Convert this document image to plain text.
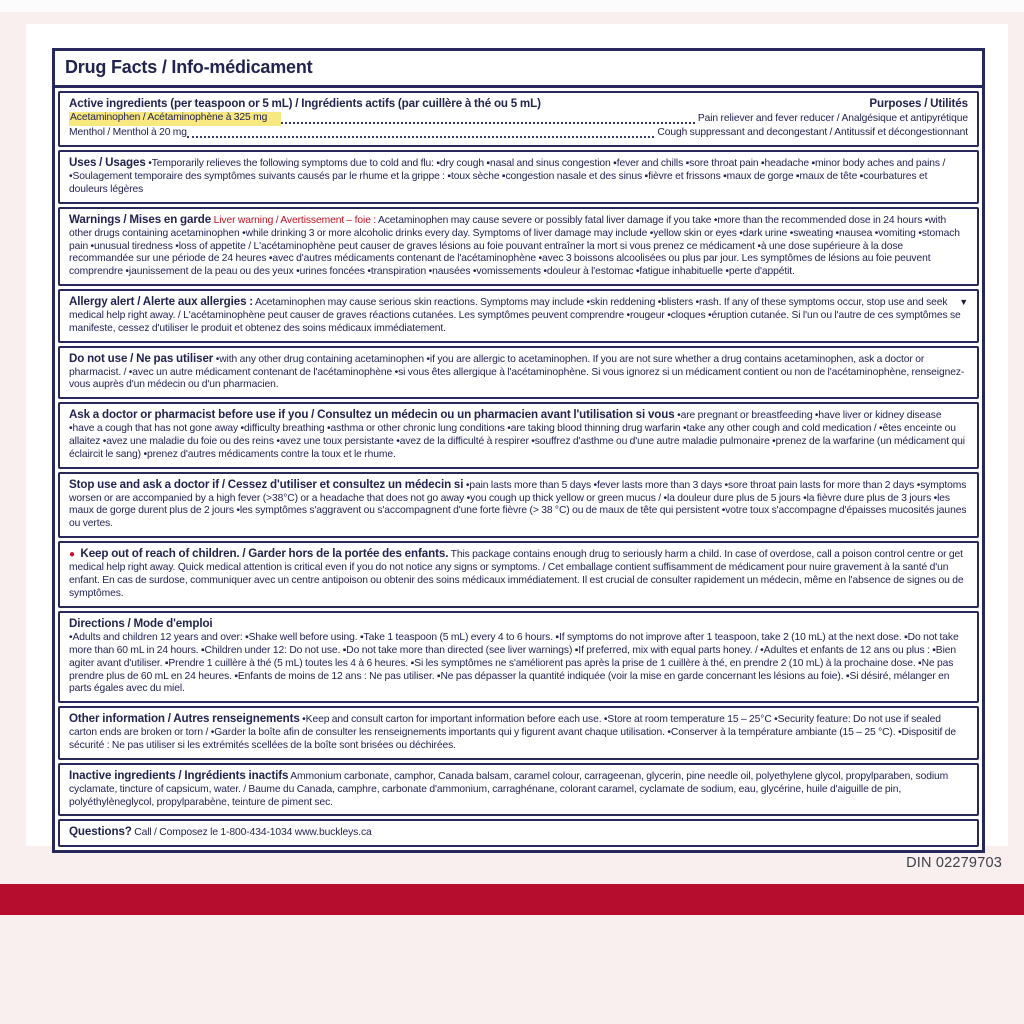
Drug Facts / Info-médicament
Active ingredients (per teaspoon or 5 mL) / Ingrédients actifs (par cuillère à thé ou 5 mL)	Purposes / Utilités
Acetaminophen / Acétaminophène à 325 mg	Pain reliever and fever reducer / Analgésique et antipyrétique
Menthol / Menthol à 20 mg	Cough suppressant and decongestant / Antitussif et décongestionnant
Uses / Usages •Temporarily relieves the following symptoms due to cold and flu: ▪dry cough ▪nasal and sinus congestion ▪fever and chills ▪sore throat pain ▪headache ▪minor body aches and pains / •Soulagement temporaire des symptômes suivants causés par le rhume et la grippe : ▪toux sèche ▪congestion nasale et des sinus ▪fièvre et frissons ▪maux de gorge ▪maux de tête ▪courbatures et douleurs légères
Warnings / Mises en garde Liver warning / Avertissement – foie : Acetaminophen may cause severe or possibly fatal liver damage if you take •more than the recommended dose in 24 hours •with other drugs containing acetaminophen •while drinking 3 or more alcoholic drinks every day. Symptoms of liver damage may include •yellow skin or eyes •dark urine •sweating •nausea •vomiting •stomach pain •unusual tiredness •loss of appetite / L'acétaminophène peut causer de graves lésions au foie pouvant entraîner la mort si vous prenez ce médicament •à une dose supérieure à la dose recommandée sur une période de 24 heures •avec d'autres médicaments contenant de l'acétaminophène •avec 3 boissons alcoolisées ou plus par jour. Les symptômes de lésions au foie peuvent comprendre •jaunissement de la peau ou des yeux •urines foncées •transpiration •nausées •vomissements •douleur à l'estomac •fatigue inhabituelle •perte d'appétit.
▼
Allergy alert / Alerte aux allergies : Acetaminophen may cause serious skin reactions. Symptoms may include •skin reddening •blisters •rash. If any of these symptoms occur, stop use and seek medical help right away. / L'acétaminophène peut causer de graves réactions cutanées. Les symptômes peuvent comprendre •rougeur •cloques •éruption cutanée. Si l'un ou l'autre de ces symptômes se manifeste, cessez d'utiliser le produit et obtenez des soins médicaux immédiatement.
Do not use / Ne pas utiliser •with any other drug containing acetaminophen •if you are allergic to acetaminophen. If you are not sure whether a drug contains acetaminophen, ask a doctor or pharmacist. / •avec un autre médicament contenant de l'acétaminophène •si vous êtes allergique à l'acétaminophène. Si vous ignorez si un médicament contient ou non de l'acétaminophène, renseignez-vous auprès d'un médecin ou d'un pharmacien.
Ask a doctor or pharmacist before use if you / Consultez un médecin ou un pharmacien avant l'utilisation si vous •are pregnant or breastfeeding •have liver or kidney disease •have a cough that has not gone away •difficulty breathing •asthma or other chronic lung conditions •are taking blood thinning drug warfarin •take any other cough and cold medication / •êtes enceinte ou allaitez •avez une maladie du foie ou des reins •avez une toux persistante •avez de la difficulté à respirer •souffrez d'asthme ou d'une autre maladie pulmonaire •prenez de la warfarine (un médicament qui éclaircit le sang) •prenez d'autres médicaments contre la toux et le rhume.
Stop use and ask a doctor if / Cessez d'utiliser et consultez un médecin si •pain lasts more than 5 days •fever lasts more than 3 days •sore throat pain lasts for more than 2 days •symptoms worsen or are accompanied by a high fever (>38°C) or a headache that does not go away •you cough up thick yellow or green mucus / •la douleur dure plus de 5 jours •la fièvre dure plus de 3 jours •les maux de gorge durent plus de 2 jours •les symptômes s'aggravent ou s'accompagnent d'une forte fièvre (> 38 °C) ou de maux de tête qui persistent •votre toux s'accompagne d'épaisses mucosités jaunes ou vertes.
● Keep out of reach of children. / Garder hors de la portée des enfants. This package contains enough drug to seriously harm a child. In case of overdose, call a poison control centre or get medical help right away. Quick medical attention is critical even if you do not notice any signs or symptoms. / Cet emballage contient suffisamment de médicament pour nuire gravement à la santé d'un enfant. En cas de surdose, communiquer avec un centre antipoison ou obtenir des soins médicaux immédiatement. Il est crucial de consulter rapidement un médecin, même en l'absence de signes ou de symptômes.
Directions / Mode d'emploi
•Adults and children 12 years and over: ▪Shake well before using. ▪Take 1 teaspoon (5 mL) every 4 to 6 hours. ▪If symptoms do not improve after 1 teaspoon, take 2 (10 mL) at the next dose. ▪Do not take more than 60 mL in 24 hours. ▪Children under 12: Do not use. ▪Do not take more than directed (see liver warnings) ▪If preferred, mix with equal parts honey. / •Adultes et enfants de 12 ans ou plus : ▪Bien agiter avant d'utiliser. ▪Prendre 1 cuillère à thé (5 mL) toutes les 4 à 6 heures. ▪Si les symptômes ne s'améliorent pas après la prise de 1 cuillère à thé, en prendre 2 (10 mL) à la prochaine dose. ▪Ne pas prendre plus de 60 mL en 24 heures. ▪Enfants de moins de 12 ans : Ne pas utiliser. ▪Ne pas dépasser la quantité indiquée (voir la mise en garde concernant les lésions au foie). ▪Si désiré, mélanger en parts égales avec du miel.
Other information / Autres renseignements •Keep and consult carton for important information before each use. •Store at room temperature 15 – 25°C •Security feature: Do not use if sealed carton ends are broken or torn / •Garder la boîte afin de consulter les renseignements importants qui y figurent avant chaque utilisation. •Conserver à la température ambiante (15 – 25 °C). •Dispositif de sécurité : Ne pas utiliser si les extrémités scellées de la boîte sont brisées ou déchirées.
Inactive ingredients / Ingrédients inactifs Ammonium carbonate, camphor, Canada balsam, caramel colour, carrageenan, glycerin, pine needle oil, polyethylene glycol, propylparaben, sodium cyclamate, tincture of capsicum, water. / Baume du Canada, camphre, carbonate d'ammonium, carraghénane, colorant caramel, cyclamate de sodium, eau, glycérine, huile d'aiguille de pin, polyéthylèneglycol, propylparabène, teinture de piment sec.
Questions? Call / Composez le 1-800-434-1034 www.buckleys.ca
DIN 02279703
